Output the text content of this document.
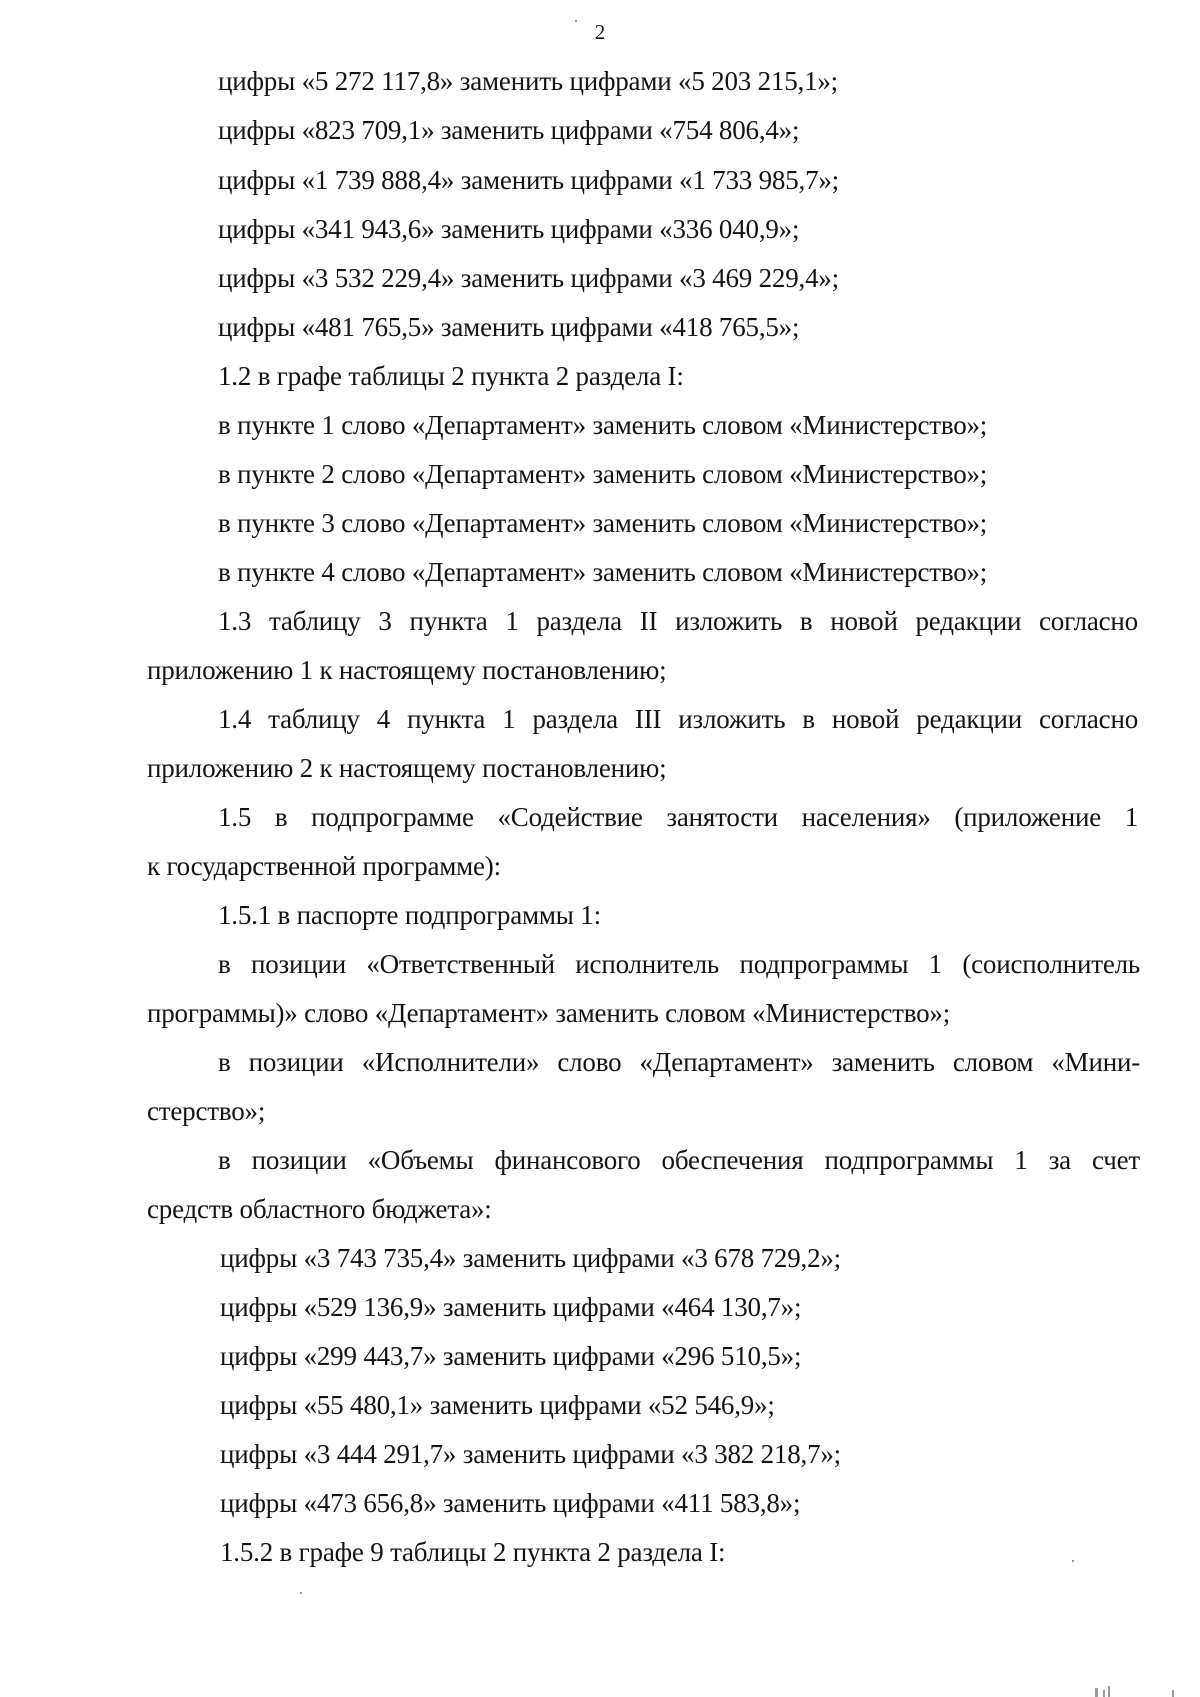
2
цифры «5 272 117,8» заменить цифрами «5 203 215,1»;
цифры «823 709,1» заменить цифрами «754 806,4»;
цифры «1 739 888,4» заменить цифрами «1 733 985,7»;
цифры «341 943,6» заменить цифрами «336 040,9»;
цифры «3 532 229,4» заменить цифрами «3 469 229,4»;
цифры «481 765,5» заменить цифрами «418 765,5»;
1.2 в графе таблицы 2 пункта 2 раздела I:
в пункте 1 слово «Департамент» заменить словом «Министерство»;
в пункте 2 слово «Департамент» заменить словом «Министерство»;
в пункте 3 слово «Департамент» заменить словом «Министерство»;
в пункте 4 слово «Департамент» заменить словом «Министерство»;
1.3 таблицу 3 пункта 1 раздела II изложить в новой редакции согласно
приложению 1 к настоящему постановлению;
1.4 таблицу 4 пункта 1 раздела III изложить в новой редакции согласно
приложению 2 к настоящему постановлению;
1.5 в подпрограмме «Содействие занятости населения» (приложение 1
к государственной программе):
1.5.1 в паспорте подпрограммы 1:
в позиции «Ответственный исполнитель подпрограммы 1 (соисполнитель
программы)» слово «Департамент» заменить словом «Министерство»;
в позиции «Исполнители» слово «Департамент» заменить словом «Мини-
стерство»;
в позиции «Объемы финансового обеспечения подпрограммы 1 за счет
средств областного бюджета»:
цифры «3 743 735,4» заменить цифрами «3 678 729,2»;
цифры «529 136,9» заменить цифрами «464 130,7»;
цифры «299 443,7» заменить цифрами «296 510,5»;
цифры «55 480,1» заменить цифрами «52 546,9»;
цифры «3 444 291,7» заменить цифрами «3 382 218,7»;
цифры «473 656,8» заменить цифрами «411 583,8»;
1.5.2 в графе 9 таблицы 2 пункта 2 раздела I:
